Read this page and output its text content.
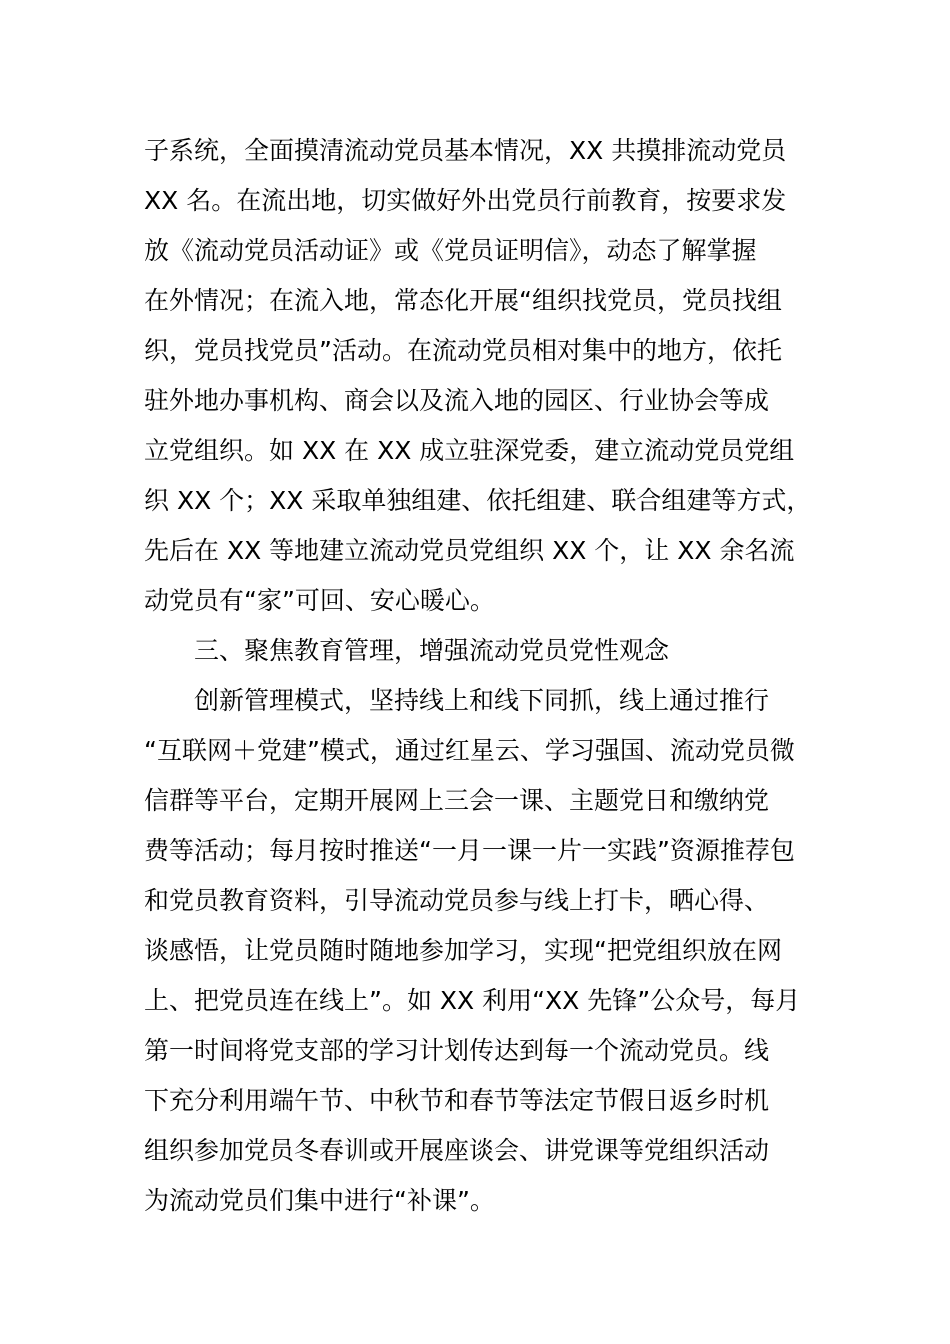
子系统，全面摸清流动党员基本情况，XX 共摸排流动党员
XX 名。在流出地，切实做好外出党员行前教育，按要求发
放《流动党员活动证》或《党员证明信》，动态了解掌握
在外情况；在流入地，常态化开展“组织找党员，党员找组
织，党员找党员”活动。在流动党员相对集中的地方，依托
驻外地办事机构、商会以及流入地的园区、行业协会等成
立党组织。如 XX 在 XX 成立驻深党委，建立流动党员党组
织 XX 个；XX 采取单独组建、依托组建、联合组建等方式，
先后在 XX 等地建立流动党员党组织 XX 个，让 XX 余名流
动党员有“家”可回、安心暖心。
三、聚焦教育管理，增强流动党员党性观念
创新管理模式，坚持线上和线下同抓，线上通过推行
“互联网＋党建”模式，通过红星云、学习强国、流动党员微
信群等平台，定期开展网上三会一课、主题党日和缴纳党
费等活动；每月按时推送“一月一课一片一实践”资源推荐包
和党员教育资料，引导流动党员参与线上打卡，晒心得、
谈感悟，让党员随时随地参加学习，实现“把党组织放在网
上、把党员连在线上”。如 XX 利用“XX 先锋”公众号，每月
第一时间将党支部的学习计划传达到每一个流动党员。线
下充分利用端午节、中秋节和春节等法定节假日返乡时机
组织参加党员冬春训或开展座谈会、讲党课等党组织活动
为流动党员们集中进行“补课”。
